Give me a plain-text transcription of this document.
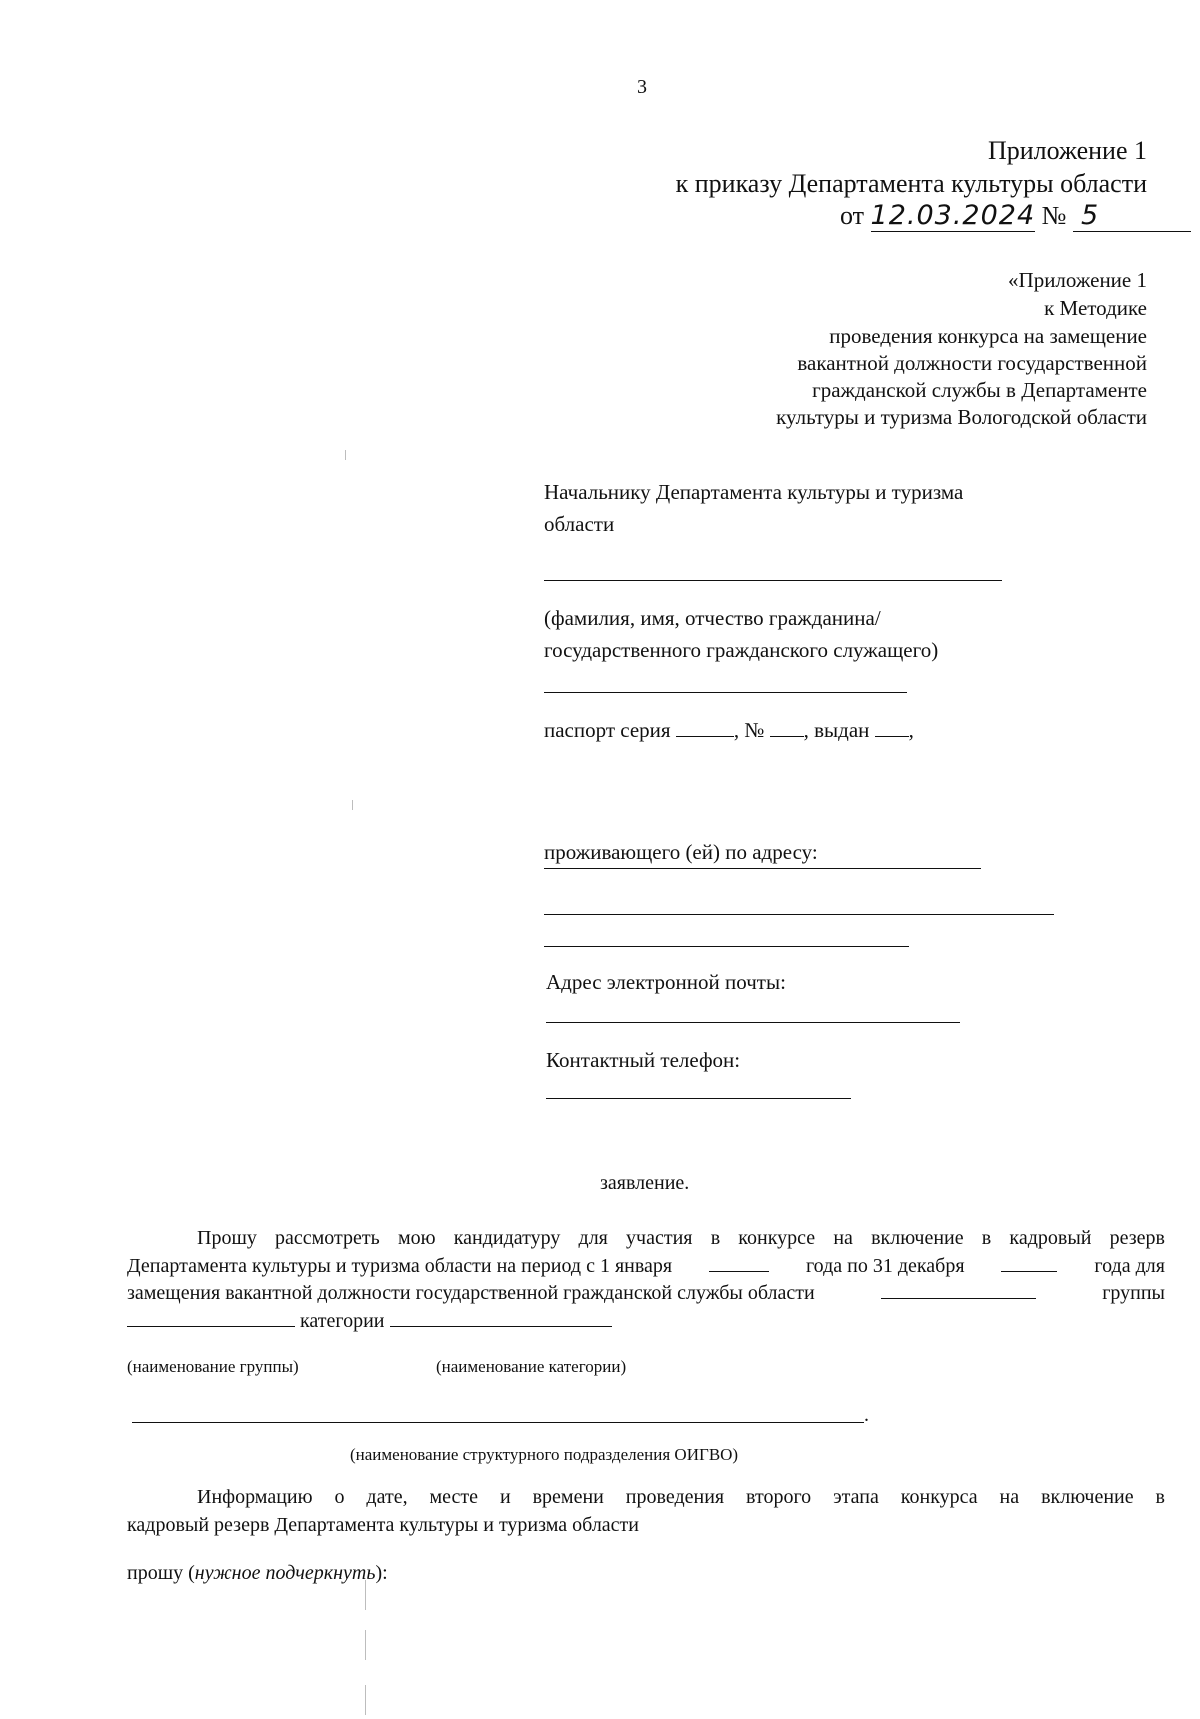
3
Приложение 1
к приказу Департамента культуры области
от 12.03.2024 № 5
«Приложение 1
к Методике
проведения конкурса на замещение
вакантной должности государственной
гражданской службы в Департаменте
культуры и туризма Вологодской области
Начальнику Департамента культуры и туризма
области
(фамилия, имя, отчество гражданина/
государственного гражданского служащего)
паспорт серия	, № , выдан ,
проживающего (ей) по адресу:
Адрес электронной почты:
Контактный телефон:
заявление.
Прошу рассмотреть мою кандидатуру для участия в конкурсе на включение в кадровый резерв
Департамента культуры и туризма области на период с 1 января	года по 31 декабря	года для
замещения вакантной должности государственной гражданской службы области	группы
категории
(наименование группы)	(наименование категории)
.
(наименование структурного подразделения ОИГВО)
Информацию о дате, месте и времени проведения второго этапа конкурса на включение в
кадровый резерв Департамента культуры и туризма области
прошу (нужное подчеркнуть):
